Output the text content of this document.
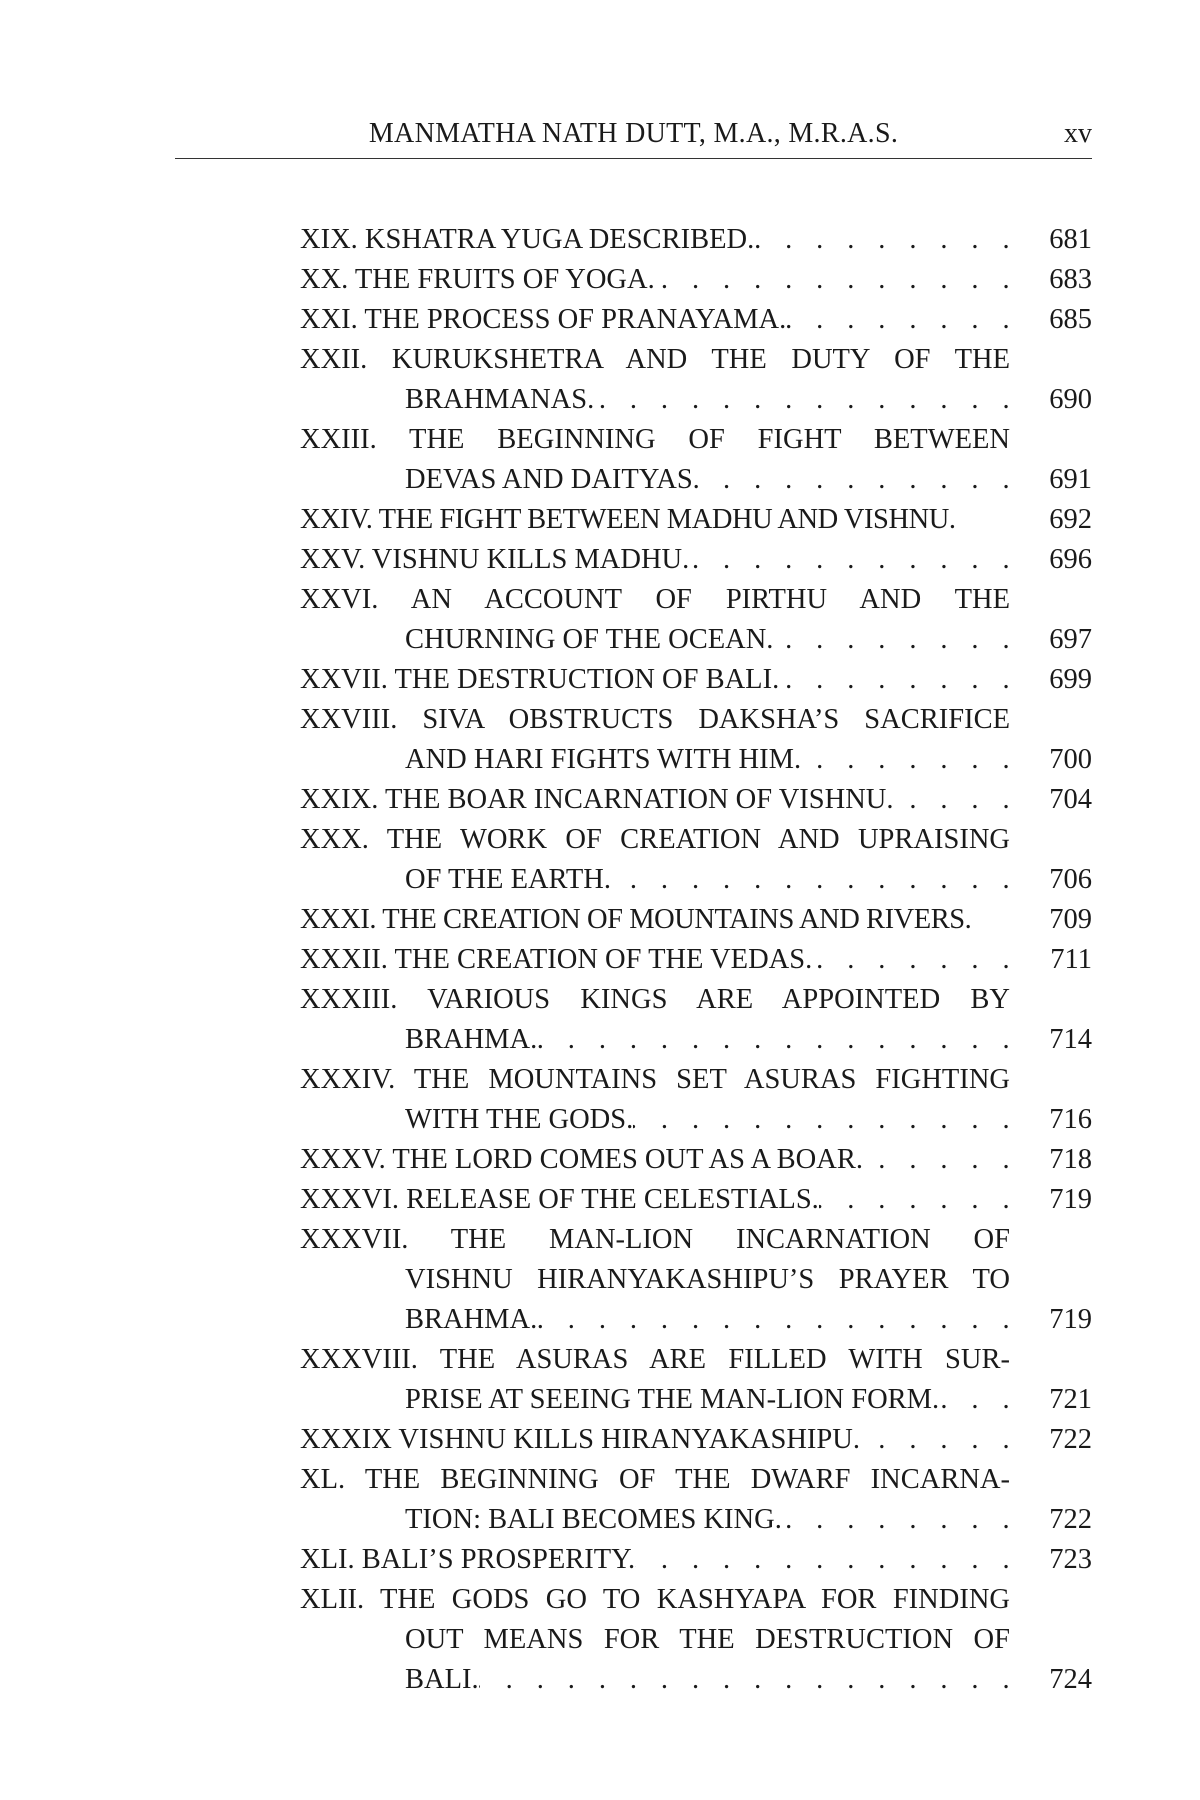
MANMATHA NATH DUTT, M.A., M.R.A.S.	xv
XIX. KSHATRA YUGA DESCRIBED. . . .	681
XX. THE FRUITS OF YOGA. . . .	683
XXI. THE PROCESS OF PRANAYAMA. . . .	685
XXII. KURUKSHETRA AND THE DUTY OF THE
BRAHMANAS. . . .	690
XXIII. THE BEGINNING OF FIGHT BETWEEN
DEVAS AND DAITYAS. . . .	691
XXIV. THE FIGHT BETWEEN MADHU AND VISHNU.	692
XXV. VISHNU KILLS MADHU. . . .	696
XXVI. AN ACCOUNT OF PIRTHU AND THE
CHURNING OF THE OCEAN. . . .	697
XXVII. THE DESTRUCTION OF BALI. . . .	699
XXVIII. SIVA OBSTRUCTS DAKSHA’S SACRIFICE
AND HARI FIGHTS WITH HIM. . . .	700
XXIX. THE BOAR INCARNATION OF VISHNU. . . .	704
XXX. THE WORK OF CREATION AND UPRAISING
OF THE EARTH. . . .	706
XXXI. THE CREATION OF MOUNTAINS AND RIVERS.	709
XXXII. THE CREATION OF THE VEDAS. . . .	711
XXXIII. VARIOUS KINGS ARE APPOINTED BY
BRAHMA. . . .	714
XXXIV. THE MOUNTAINS SET ASURAS FIGHTING
WITH THE GODS. . . .	716
XXXV. THE LORD COMES OUT AS A BOAR. . . .	718
XXXVI. RELEASE OF THE CELESTIALS. . . .	719
XXXVII. THE MAN-LION INCARNATION OF
VISHNU HIRANYAKASHIPU’S PRAYER TO
BRAHMA. . . .	719
XXXVIII. THE ASURAS ARE FILLED WITH SUR-
PRISE AT SEEING THE MAN-LION FORM. . . .	721
XXXIX VISHNU KILLS HIRANYAKASHIPU. . . .	722
XL. THE BEGINNING OF THE DWARF INCARNA-
TION: BALI BECOMES KING. . . .	722
XLI. BALI’S PROSPERITY. . . .	723
XLII. THE GODS GO TO KASHYAPA FOR FINDING
OUT MEANS FOR THE DESTRUCTION OF
BALI. . . .	724
